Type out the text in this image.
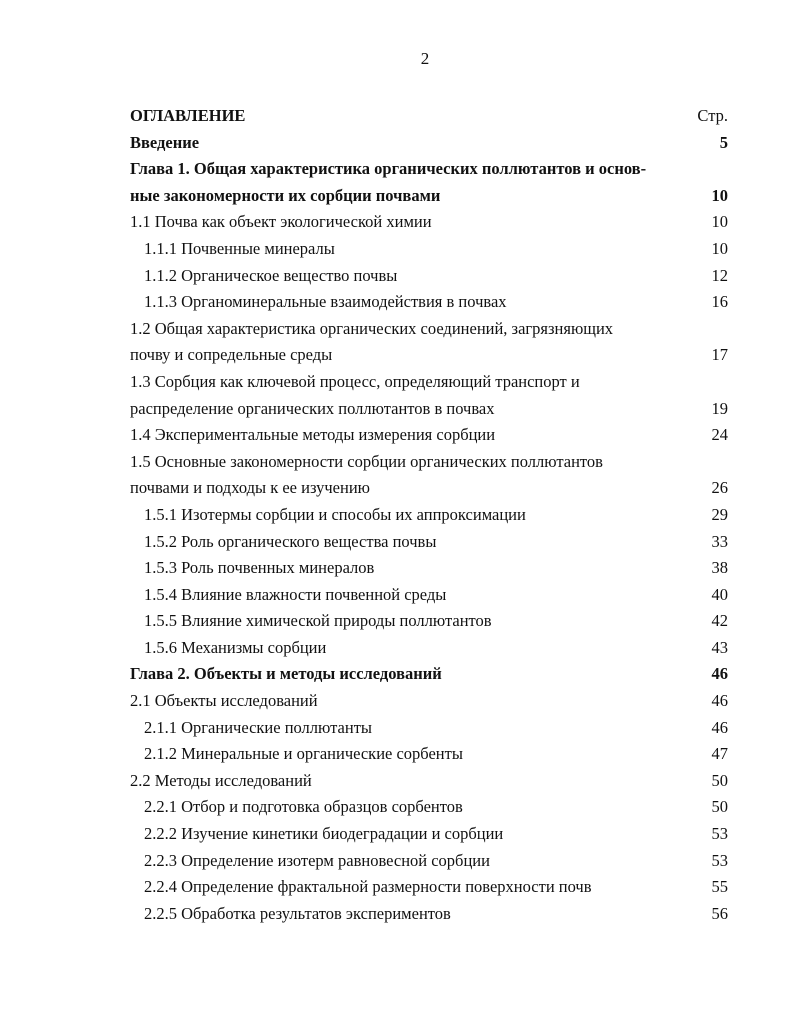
2
ОГЛАВЛЕНИЕ	Стр.
Введение	5
Глава 1. Общая характеристика органических поллютантов и основ-
ные закономерности их сорбции почвами	10
1.1 Почва как объект экологической химии	10
1.1.1 Почвенные минералы	10
1.1.2 Органическое вещество почвы	12
1.1.3 Органоминеральные взаимодействия в почвах	16
1.2 Общая характеристика органических соединений, загрязняющих
почву и сопредельные среды	17
1.3 Сорбция как ключевой процесс, определяющий транспорт и
распределение органических поллютантов в почвах	19
1.4 Экспериментальные методы измерения сорбции	24
1.5 Основные закономерности сорбции органических поллютантов
почвами и подходы к ее изучению	26
1.5.1 Изотермы сорбции и способы их аппроксимации	29
1.5.2 Роль органического вещества почвы	33
1.5.3 Роль почвенных минералов	38
1.5.4 Влияние влажности почвенной среды	40
1.5.5 Влияние химической природы поллютантов	42
1.5.6 Механизмы сорбции	43
Глава 2. Объекты и методы исследований	46
2.1 Объекты исследований	46
2.1.1 Органические поллютанты	46
2.1.2 Минеральные и органические сорбенты	47
2.2 Методы исследований	50
2.2.1 Отбор и подготовка образцов сорбентов	50
2.2.2 Изучение кинетики биодеградации и сорбции	53
2.2.3 Определение изотерм равновесной сорбции	53
2.2.4 Определение фрактальной размерности поверхности почв	55
2.2.5 Обработка результатов экспериментов	56
